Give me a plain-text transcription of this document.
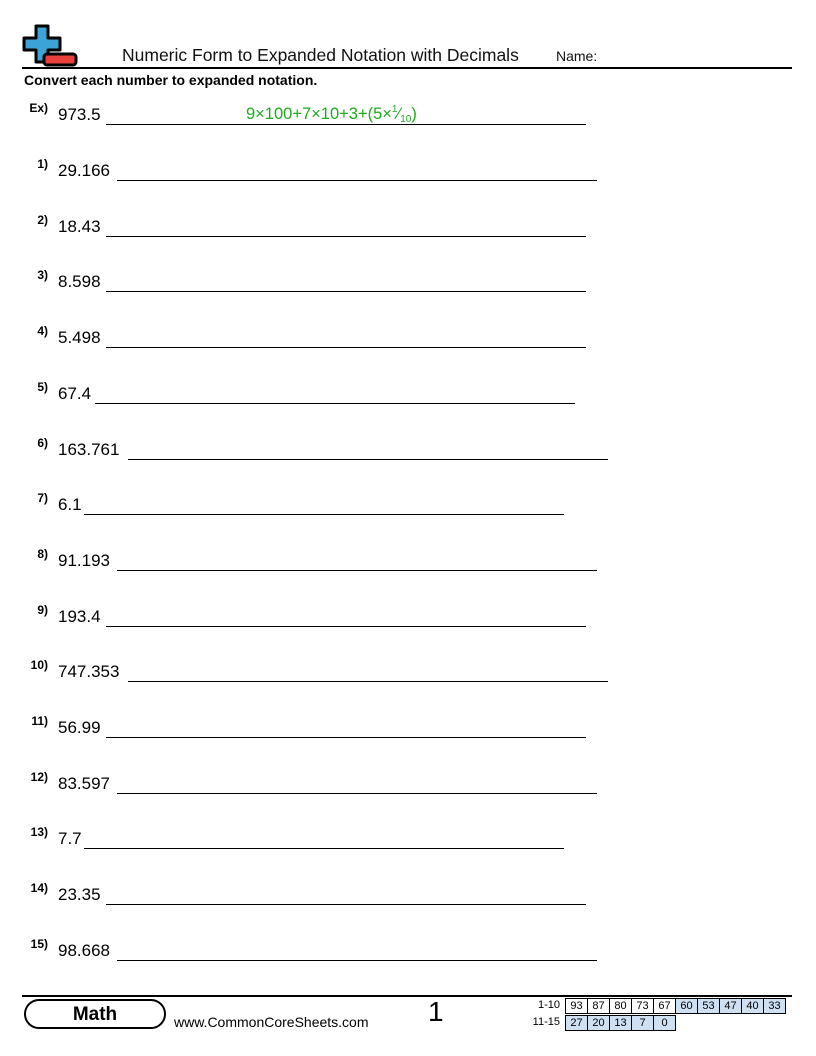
Numeric Form to Expanded Notation with Decimals	Name:
Convert each number to expanded notation.
Ex) 973.5	$9\times 100+7\times 10+3+(5\times^1⁄_{10})$
1) 29.166
2) 18.43
3) 8.598
4) 5.498
5) 67.4
6) 163.761
7) 6.1
8) 91.193
9) 193.4
10) 747.353
11) 56.99
12) 83.597
13) 7.7
14) 23.35
15) 98.668
Math	www.CommonCoreSheets.com 1	1-10 93	87	80	73	67	60	53	47	40	33
11-15 27	20	13	7	0
